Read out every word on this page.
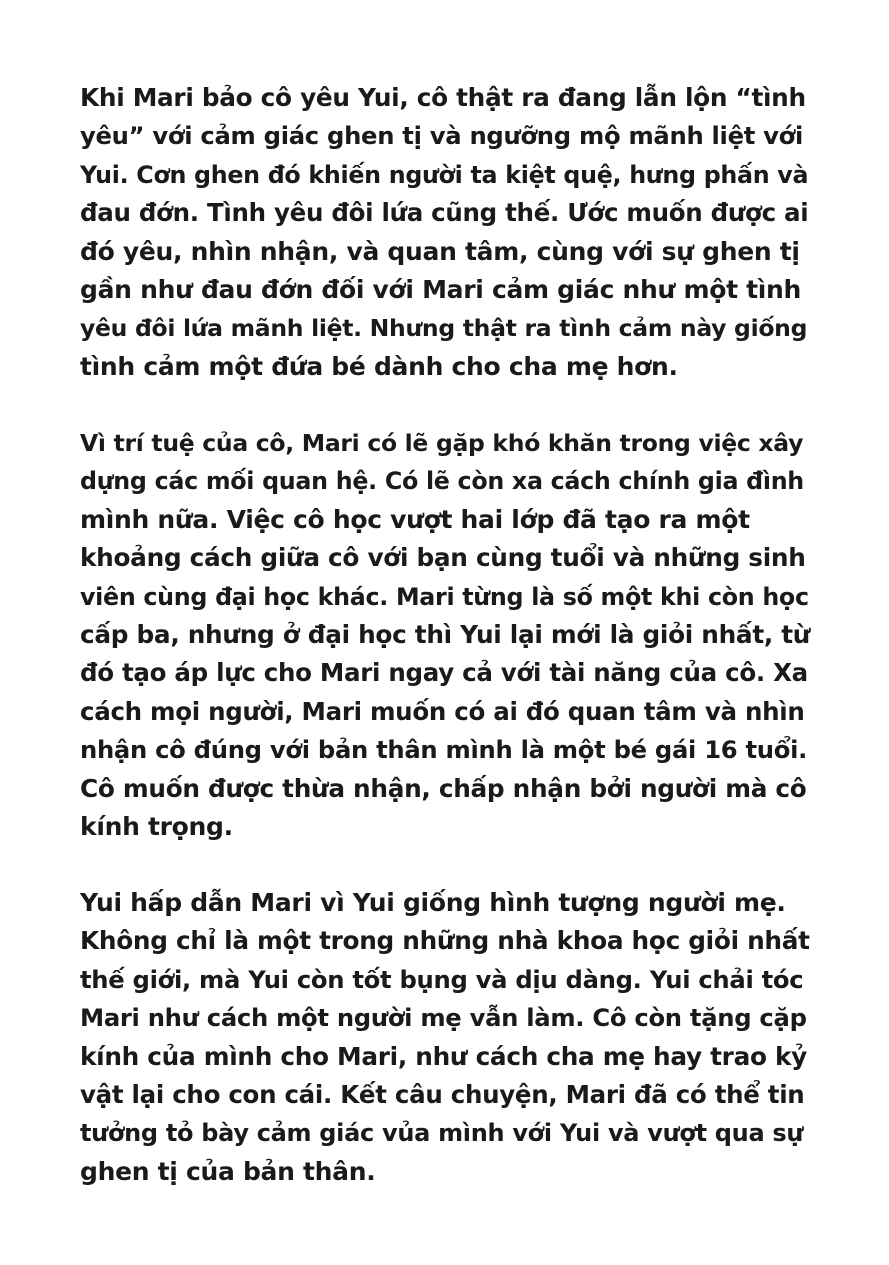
Khi Mari bảo cô yêu Yui, cô thật ra đang lẫn lộn “tình
yêu” với cảm giác ghen tị và ngưỡng mộ mãnh liệt với
Yui. Cơn ghen đó khiến người ta kiệt quệ, hưng phấn và
đau đớn. Tình yêu đôi lứa cũng thế. Ước muốn được ai
đó yêu, nhìn nhận, và quan tâm, cùng với sự ghen tị
gần như đau đớn đối với Mari cảm giác như một tình
yêu đôi lứa mãnh liệt. Nhưng thật ra tình cảm này giống
tình cảm một đứa bé dành cho cha mẹ hơn.

Vì trí tuệ của cô, Mari có lẽ gặp khó khăn trong việc xây
dựng các mối quan hệ. Có lẽ còn xa cách chính gia đình
mình nữa. Việc cô học vượt hai lớp đã tạo ra một
khoảng cách giữa cô với bạn cùng tuổi và những sinh
viên cùng đại học khác. Mari từng là số một khi còn học
cấp ba, nhưng ở đại học thì Yui lại mới là giỏi nhất, từ
đó tạo áp lực cho Mari ngay cả với tài năng của cô. Xa
cách mọi người, Mari muốn có ai đó quan tâm và nhìn
nhận cô đúng với bản thân mình là một bé gái 16 tuổi.
Cô muốn được thừa nhận, chấp nhận bởi người mà cô
kính trọng.

Yui hấp dẫn Mari vì Yui giống hình tượng người mẹ.
Không chỉ là một trong những nhà khoa học giỏi nhất
thế giới, mà Yui còn tốt bụng và dịu dàng. Yui chải tóc
Mari như cách một người mẹ vẫn làm. Cô còn tặng cặp
kính của mình cho Mari, như cách cha mẹ hay trao kỷ
vật lại cho con cái. Kết câu chuyện, Mari đã có thể tin
tưởng tỏ bày cảm giác vủa mình với Yui và vượt qua sự
ghen tị của bản thân.
